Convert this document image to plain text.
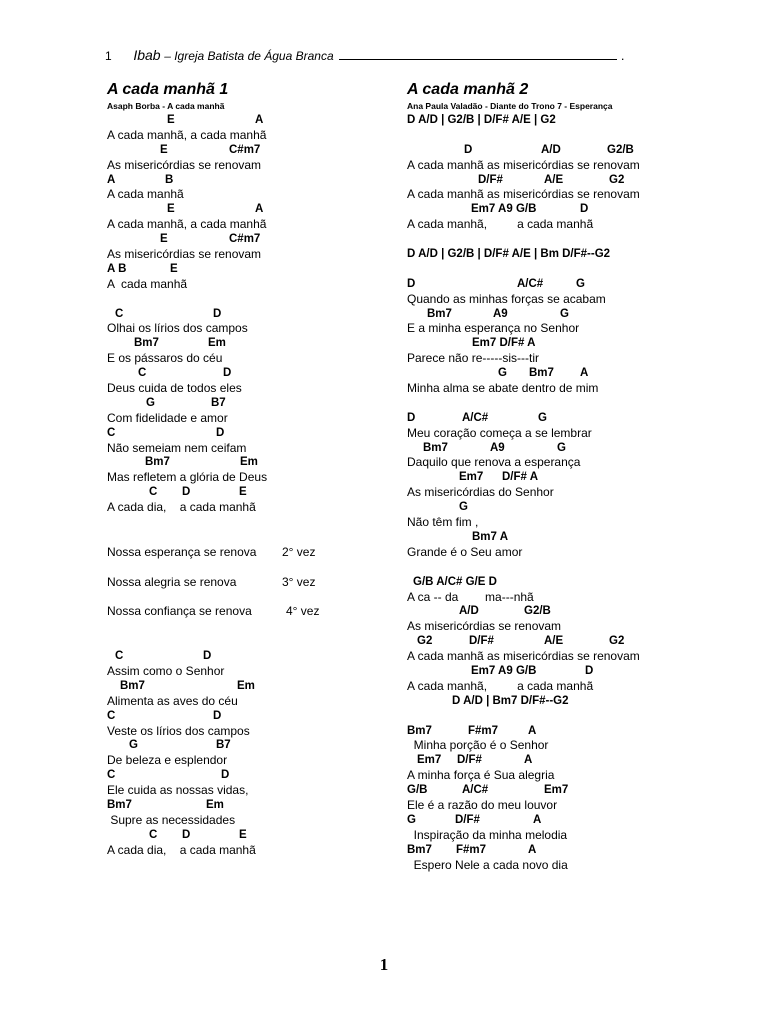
1 Ibab – Igreja Batista de Água Branca	.
A cada manhã 1
Asaph Borba - A cada manhã
E	A
A cada manhã, a cada manhã
E	C#m7
As misericórdias se renovam
A	B
A cada manhã
E	A
A cada manhã, a cada manhã
E	C#m7
As misericórdias se renovam
A B	E
A  cada manhã
C	D
Olhai os lírios dos campos
Bm7	Em
E os pássaros do céu
C	D
Deus cuida de todos eles
G	B7
Com fidelidade e amor
C	D
Não semeiam nem ceifam
Bm7	Em
Mas refletem a glória de Deus
C D	E
A cada dia,    a cada manhã
Nossa esperança se renova 2° vez
Nossa alegria se renova	3° vez
Nossa confiança se renova	4° vez
C	D
Assim como o Senhor
Bm7	Em
Alimenta as aves do céu
C	D
Veste os lírios dos campos
G	B7
De beleza e esplendor
C	D
Ele cuida as nossas vidas,
Bm7	Em
Supre as necessidades
C D	E
A cada dia,    a cada manhã
A cada manhã 2
Ana Paula Valadão - Diante do Trono 7 - Esperança
D A/D | G2/B | D/F# A/E | G2
D	A/D	G2/B
A cada manhã as misericórdias se renovam
D/F#	A/E	G2
A cada manhã as misericórdias se renovam
Em7 A9 G/B	D
A cada manhã,         a cada manhã
D A/D | G2/B | D/F# A/E | Bm D/F#--G2
D	A/C#	G
Quando as minhas forças se acabam
Bm7	A9	G
E a minha esperança no Senhor
Em7 D/F# A
Parece não re-----sis---tir
G Bm7 A
Minha alma se abate dentro de mim
D	A/C#	G
Meu coração começa a se lembrar
Bm7	A9	G
Daquilo que renova a esperança
Em7 D/F# A
As misericórdias do Senhor
G
Não têm fim ,
Bm7 A
Grande é o Seu amor
G/B A/C# G/E D
A ca -- da        ma---nhã
A/D	G2/B
As misericórdias se renovam
G2	D/F#	A/E	G2
A cada manhã as misericórdias se renovam
Em7 A9 G/B	D
A cada manhã,         a cada manhã
D A/D | Bm7 D/F#--G2
Bm7	F#m7	A
Minha porção é o Senhor
Em7 D/F#	A
A minha força é Sua alegria
G/B	A/C#	Em7
Ele é a razão do meu louvor
G	D/F#	A
Inspiração da minha melodia
Bm7 F#m7	A
Espero Nele a cada novo dia
1
